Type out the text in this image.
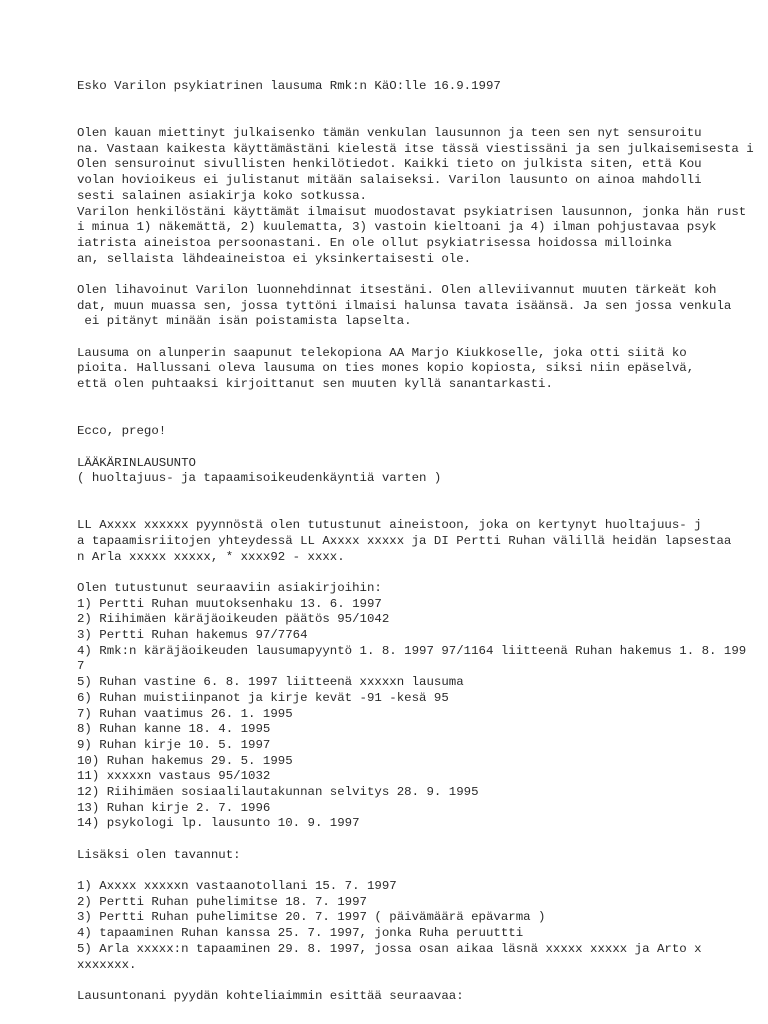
Esko Varilon psykiatrinen lausuma Rmk:n KäO:lle 16.9.1997

Olen kauan miettinyt julkaisenko tämän venkulan lausunnon ja teen sen nyt sensuroitu
na. Vastaan kaikesta käyttämästäni kielestä itse tässä viestissäni ja sen julkaisemisesta i
Olen sensuroinut sivullisten henkilötiedot. Kaikki tieto on julkista siten, että Kou
volan hovioikeus ei julistanut mitään salaiseksi. Varilon lausunto on ainoa mahdolli
sesti salainen asiakirja koko sotkussa.
Varilon henkilöstäni käyttämät ilmaisut muodostavat psykiatrisen lausunnon, jonka hän rust
i minua 1) näkemättä, 2) kuulematta, 3) vastoin kieltoani ja 4) ilman pohjustavaa psyk
iatrista aineistoa persoonastani. En ole ollut psykiatrisessa hoidossa milloinka
an, sellaista lähdeaineistoa ei yksinkertaisesti ole.

Olen lihavoinut Varilon luonnehdinnat itsestäni. Olen alleviivannut muuten tärkeät koh
dat, muun muassa sen, jossa tyttöni ilmaisi halunsa tavata isäänsä. Ja sen jossa venkula
ei pitänyt minään isän poistamista lapselta.

Lausuma on alunperin saapunut telekopiona AA Marjo Kiukkoselle, joka otti siitä ko
pioita. Hallussani oleva lausuma on ties mones kopio kopiosta, siksi niin epäselvä,
että olen puhtaaksi kirjoittanut sen muuten kyllä sanantarkasti.

Ecco, prego!

LÄÄKÄRINLAUSUNTO
( huoltajuus- ja tapaamisoikeudenkäyntiä varten )

LL Axxxx xxxxxx pyynnöstä olen tutustunut aineistoon, joka on kertynyt huoltajuus- j
a tapaamisriitojen yhteydessä LL Axxxx xxxxx ja DI Pertti Ruhan välillä heidän lapsestaa
n Arla xxxxx xxxxx, * xxxx92 - xxxx.

Olen tutustunut seuraaviin asiakirjoihin:
1) Pertti Ruhan muutoksenhaku 13. 6. 1997
2) Riihimäen käräjäoikeuden päätös 95/1042
3) Pertti Ruhan hakemus 97/7764
4) Rmk:n käräjäoikeuden lausumapyyntö 1. 8. 1997 97/1164 liitteenä Ruhan hakemus 1. 8. 199
7
5) Ruhan vastine 6. 8. 1997 liitteenä xxxxxn lausuma
6) Ruhan muistiinpanot ja kirje kevät -91 -kesä 95
7) Ruhan vaatimus 26. 1. 1995
8) Ruhan kanne 18. 4. 1995
9) Ruhan kirje 10. 5. 1997
10) Ruhan hakemus 29. 5. 1995
11) xxxxxn vastaus 95/1032
12) Riihimäen sosiaalilautakunnan selvitys 28. 9. 1995
13) Ruhan kirje 2. 7. 1996
14) psykologi lp. lausunto 10. 9. 1997

Lisäksi olen tavannut:

1) Axxxx xxxxxn vastaanotollani 15. 7. 1997
2) Pertti Ruhan puhelimitse 18. 7. 1997
3) Pertti Ruhan puhelimitse 20. 7. 1997 ( päivämäärä epävarma )
4) tapaaminen Ruhan kanssa 25. 7. 1997, jonka Ruha peruuttti
5) Arla xxxxx:n tapaaminen 29. 8. 1997, jossa osan aikaa läsnä xxxxx xxxxx ja Arto x
xxxxxxx.

Lausuntonani pyydän kohteliaimmin esittää seuraavaa:
